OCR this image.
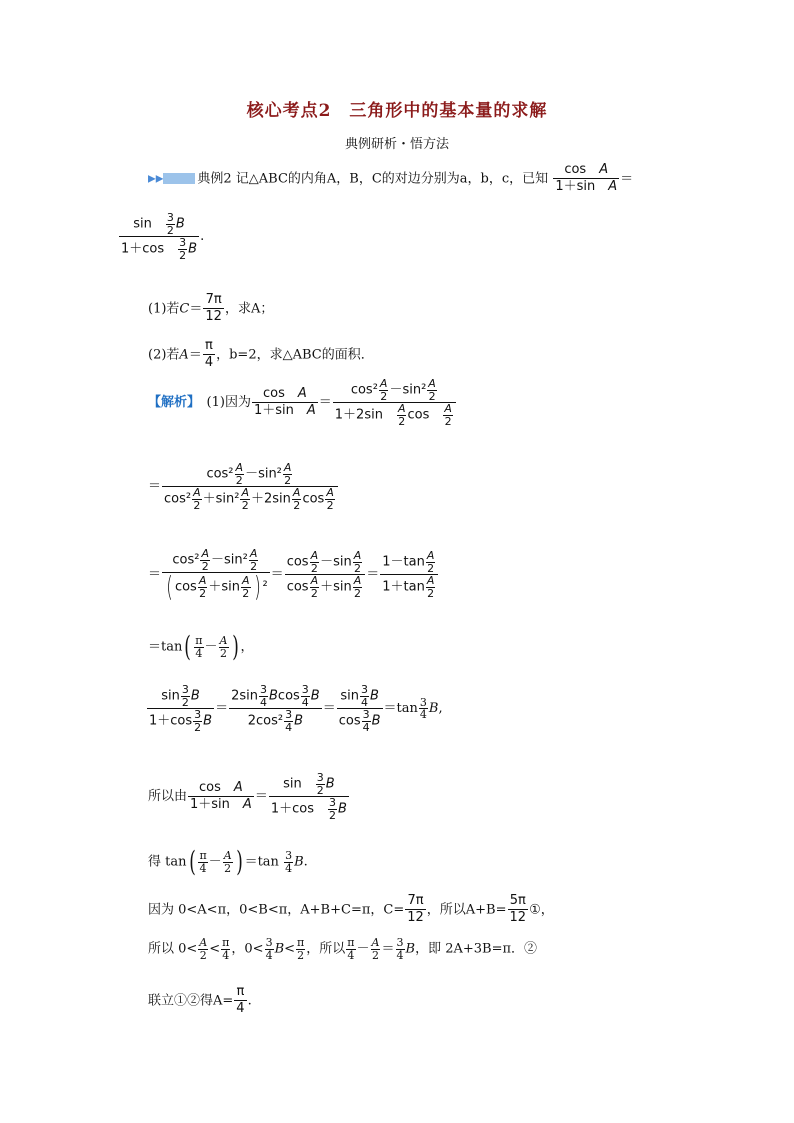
核心考点2　三角形中的基本量的求解
典例研析・悟方法
▶▶	典例2 记△ABC的内角A，B，C的对边分别为a，b，c，已知 $\frac{\text{cos　A}}{\text{1＋sin　A}}$ ＝
$\frac{\sin \frac{3}{2} B}{1+\cos \frac{3}{2} B}$ .
(1)若$C= \frac{7\pi}{12}$ ，求A；
(2)若$A= \frac{\pi}{4}$ ，b=2，求△ABC的面积．
【解析】　 (1)因为 $\frac{\text{cos　A}}{\text{1＋sin　A}} = \frac{\cos^2 \frac{A}{2} -\sin^2 \frac{A}{2}}{1+2\sin \frac{A}{2} \cos \frac{A}{2}}$
＝ $\frac{\cos^2 \frac{A}{2} -\sin^2 \frac{A}{2}}{\cos^2 \frac{A}{2} +\sin^2 \frac{A}{2} +2\sin \frac{A}{2} \cos \frac{A}{2}}$
＝ $\frac{\cos^2 \frac{A}{2} -\sin^2 \frac{A}{2}}{( \cos \frac{A}{2} +\sin \frac{A}{2} ) ^2} = \frac{\cos \frac{A}{2} -\sin \frac{A}{2}}{\cos \frac{A}{2} +\sin \frac{A}{2}} = \frac{1-\tan \frac{A}{2}}{1+\tan \frac{A}{2}}$
$=\tan( \frac{\pi}{4} - \frac{A}{2}$ ) ，
$\frac{\sin \frac{3}{2} B}{1+\cos \frac{3}{2} B} = \frac{2\sin \frac{3}{4} Bcos \frac{3}{4} B}{2\cos^2 \frac{3}{4} B} = \frac{\sin \frac{3}{4} B}{\cos \frac{3}{4} B} =\tan \frac{3}{4} B$,
所以由 $\frac{\text{cos　A}}{\text{1＋sin　A}} = \frac{\sin \frac{3}{2} B}{1+\cos \frac{3}{2} B}$
得 $\tan( \frac{\pi}{4} - \frac{A}{2}$ ) $=\tan \frac{3}{4} B$.
因为 0<A<π，0<B<π，A+B+C=π，$C= \frac{7\pi}{12}$ ，所以$A+B= \frac{5\pi}{12}$ ①，
所以 $0< \frac{A}{2} < \frac{\pi}{4}$ ，$0< \frac{3}{4} B< \frac{\pi}{2}$ ，所以 $\frac{\pi}{4} - \frac{A}{2} = \frac{3}{4}$ B，即 2A+3B=π．②
联立①②得$A= \frac{\pi}{4}$ .
